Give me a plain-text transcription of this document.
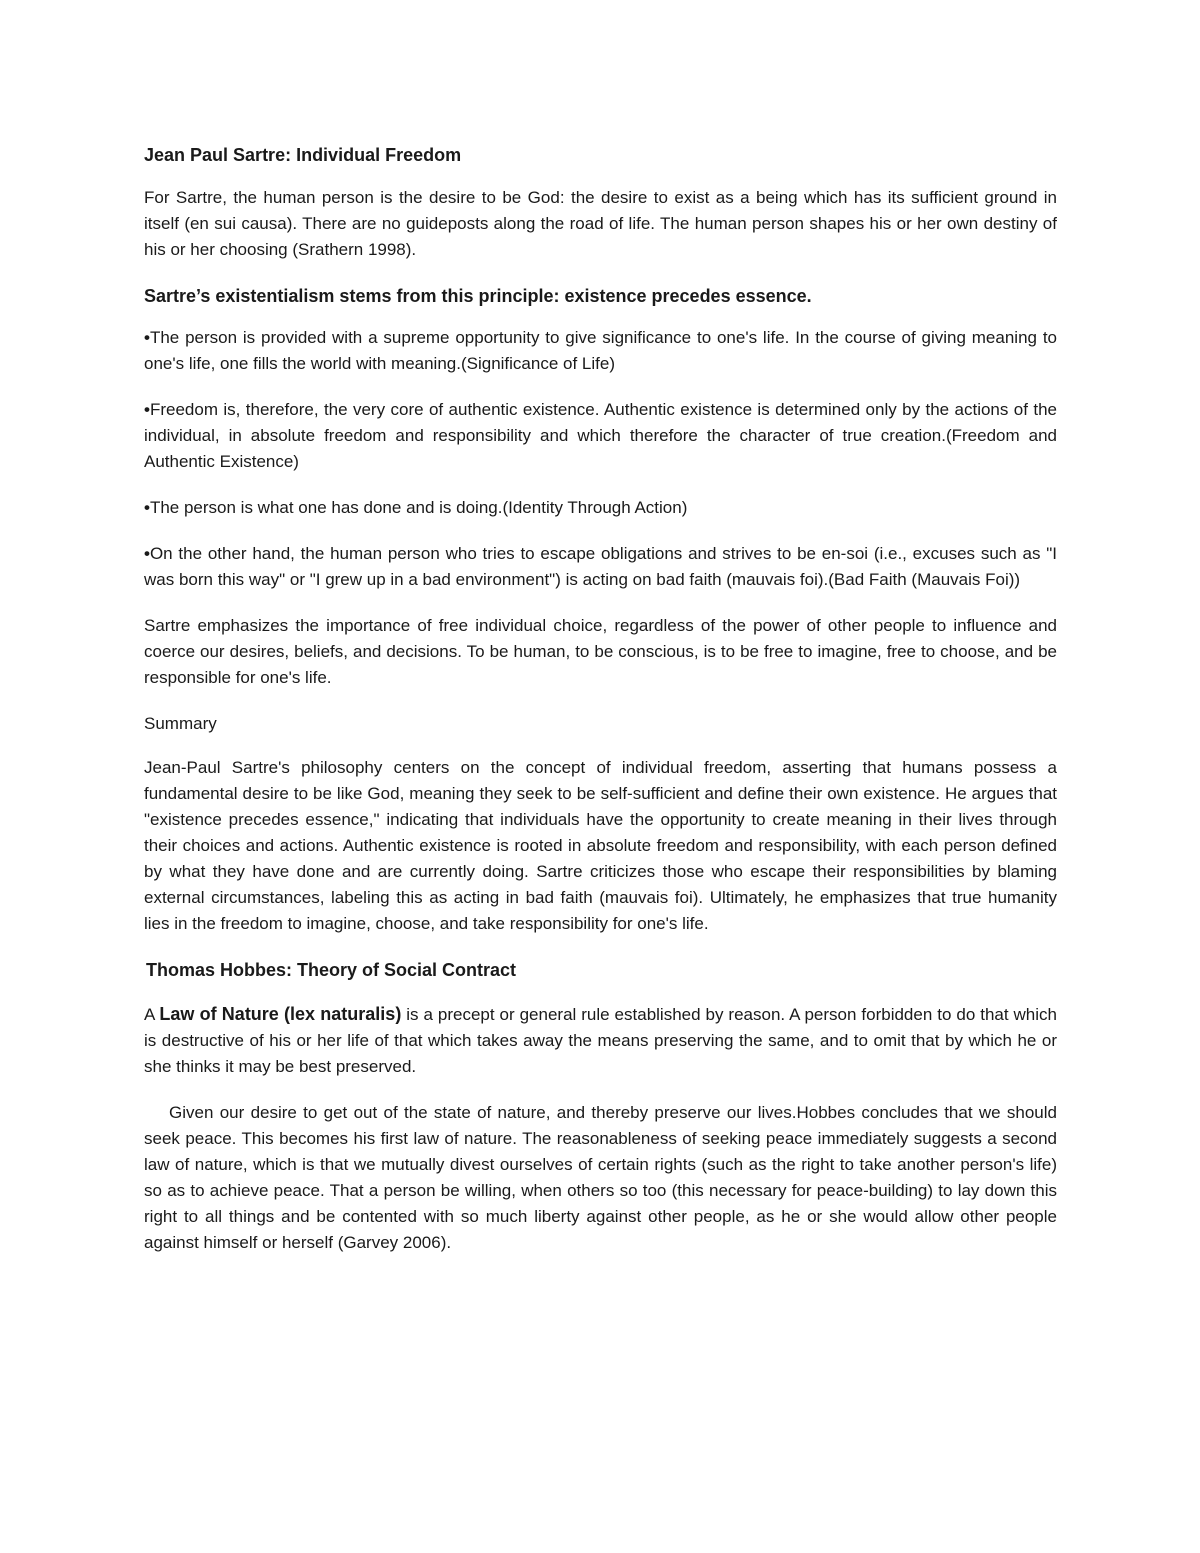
Jean Paul Sartre: Individual Freedom

For Sartre, the human person is the desire to be God: the desire to exist as a being which has its sufficient ground in itself (en sui causa). There are no guideposts along the road of life. The human person shapes his or her own destiny of his or her choosing (Srathern 1998).

Sartre’s existentialism stems from this principle: existence precedes essence.
•The person is provided with a supreme opportunity to give significance to one's life. In the course of giving meaning to one's life, one fills the world with meaning.(Significance of Life)
•Freedom is, therefore, the very core of authentic existence. Authentic existence is determined only by the actions of the individual, in absolute freedom and responsibility and which therefore the character of true creation.(Freedom and Authentic Existence)
•The person is what one has done and is doing.(Identity Through Action)
•On the other hand, the human person who tries to escape obligations and strives to be en-soi (i.e., excuses such as "I was born this way" or "I grew up in a bad environment") is acting on bad faith (mauvais foi).(Bad Faith (Mauvais Foi))

Sartre emphasizes the importance of free individual choice, regardless of the power of other people to influence and coerce our desires, beliefs, and decisions. To be human, to be conscious, is to be free to imagine, free to choose, and be responsible for one's life.

Summary

Jean-Paul Sartre's philosophy centers on the concept of individual freedom, asserting that humans possess a fundamental desire to be like God, meaning they seek to be self-sufficient and define their own existence. He argues that "existence precedes essence," indicating that individuals have the opportunity to create meaning in their lives through their choices and actions. Authentic existence is rooted in absolute freedom and responsibility, with each person defined by what they have done and are currently doing. Sartre criticizes those who escape their responsibilities by blaming external circumstances, labeling this as acting in bad faith (mauvais foi). Ultimately, he emphasizes that true humanity lies in the freedom to imagine, choose, and take responsibility for one's life.

Thomas Hobbes: Theory of Social Contract

A Law of Nature (lex naturalis) is a precept or general rule established by reason. A person forbidden to do that which is destructive of his or her life of that which takes away the means preserving the same, and to omit that by which he or she thinks it may be best preserved.

Given our desire to get out of the state of nature, and thereby preserve our lives.Hobbes concludes that we should seek peace. This becomes his first law of nature. The reasonableness of seeking peace immediately suggests a second law of nature, which is that we mutually divest ourselves of certain rights (such as the right to take another person's life) so as to achieve peace. That a person be willing, when others so too (this necessary for peace-building) to lay down this right to all things and be contented with so much liberty against other people, as he or she would allow other people against himself or herself (Garvey 2006).
